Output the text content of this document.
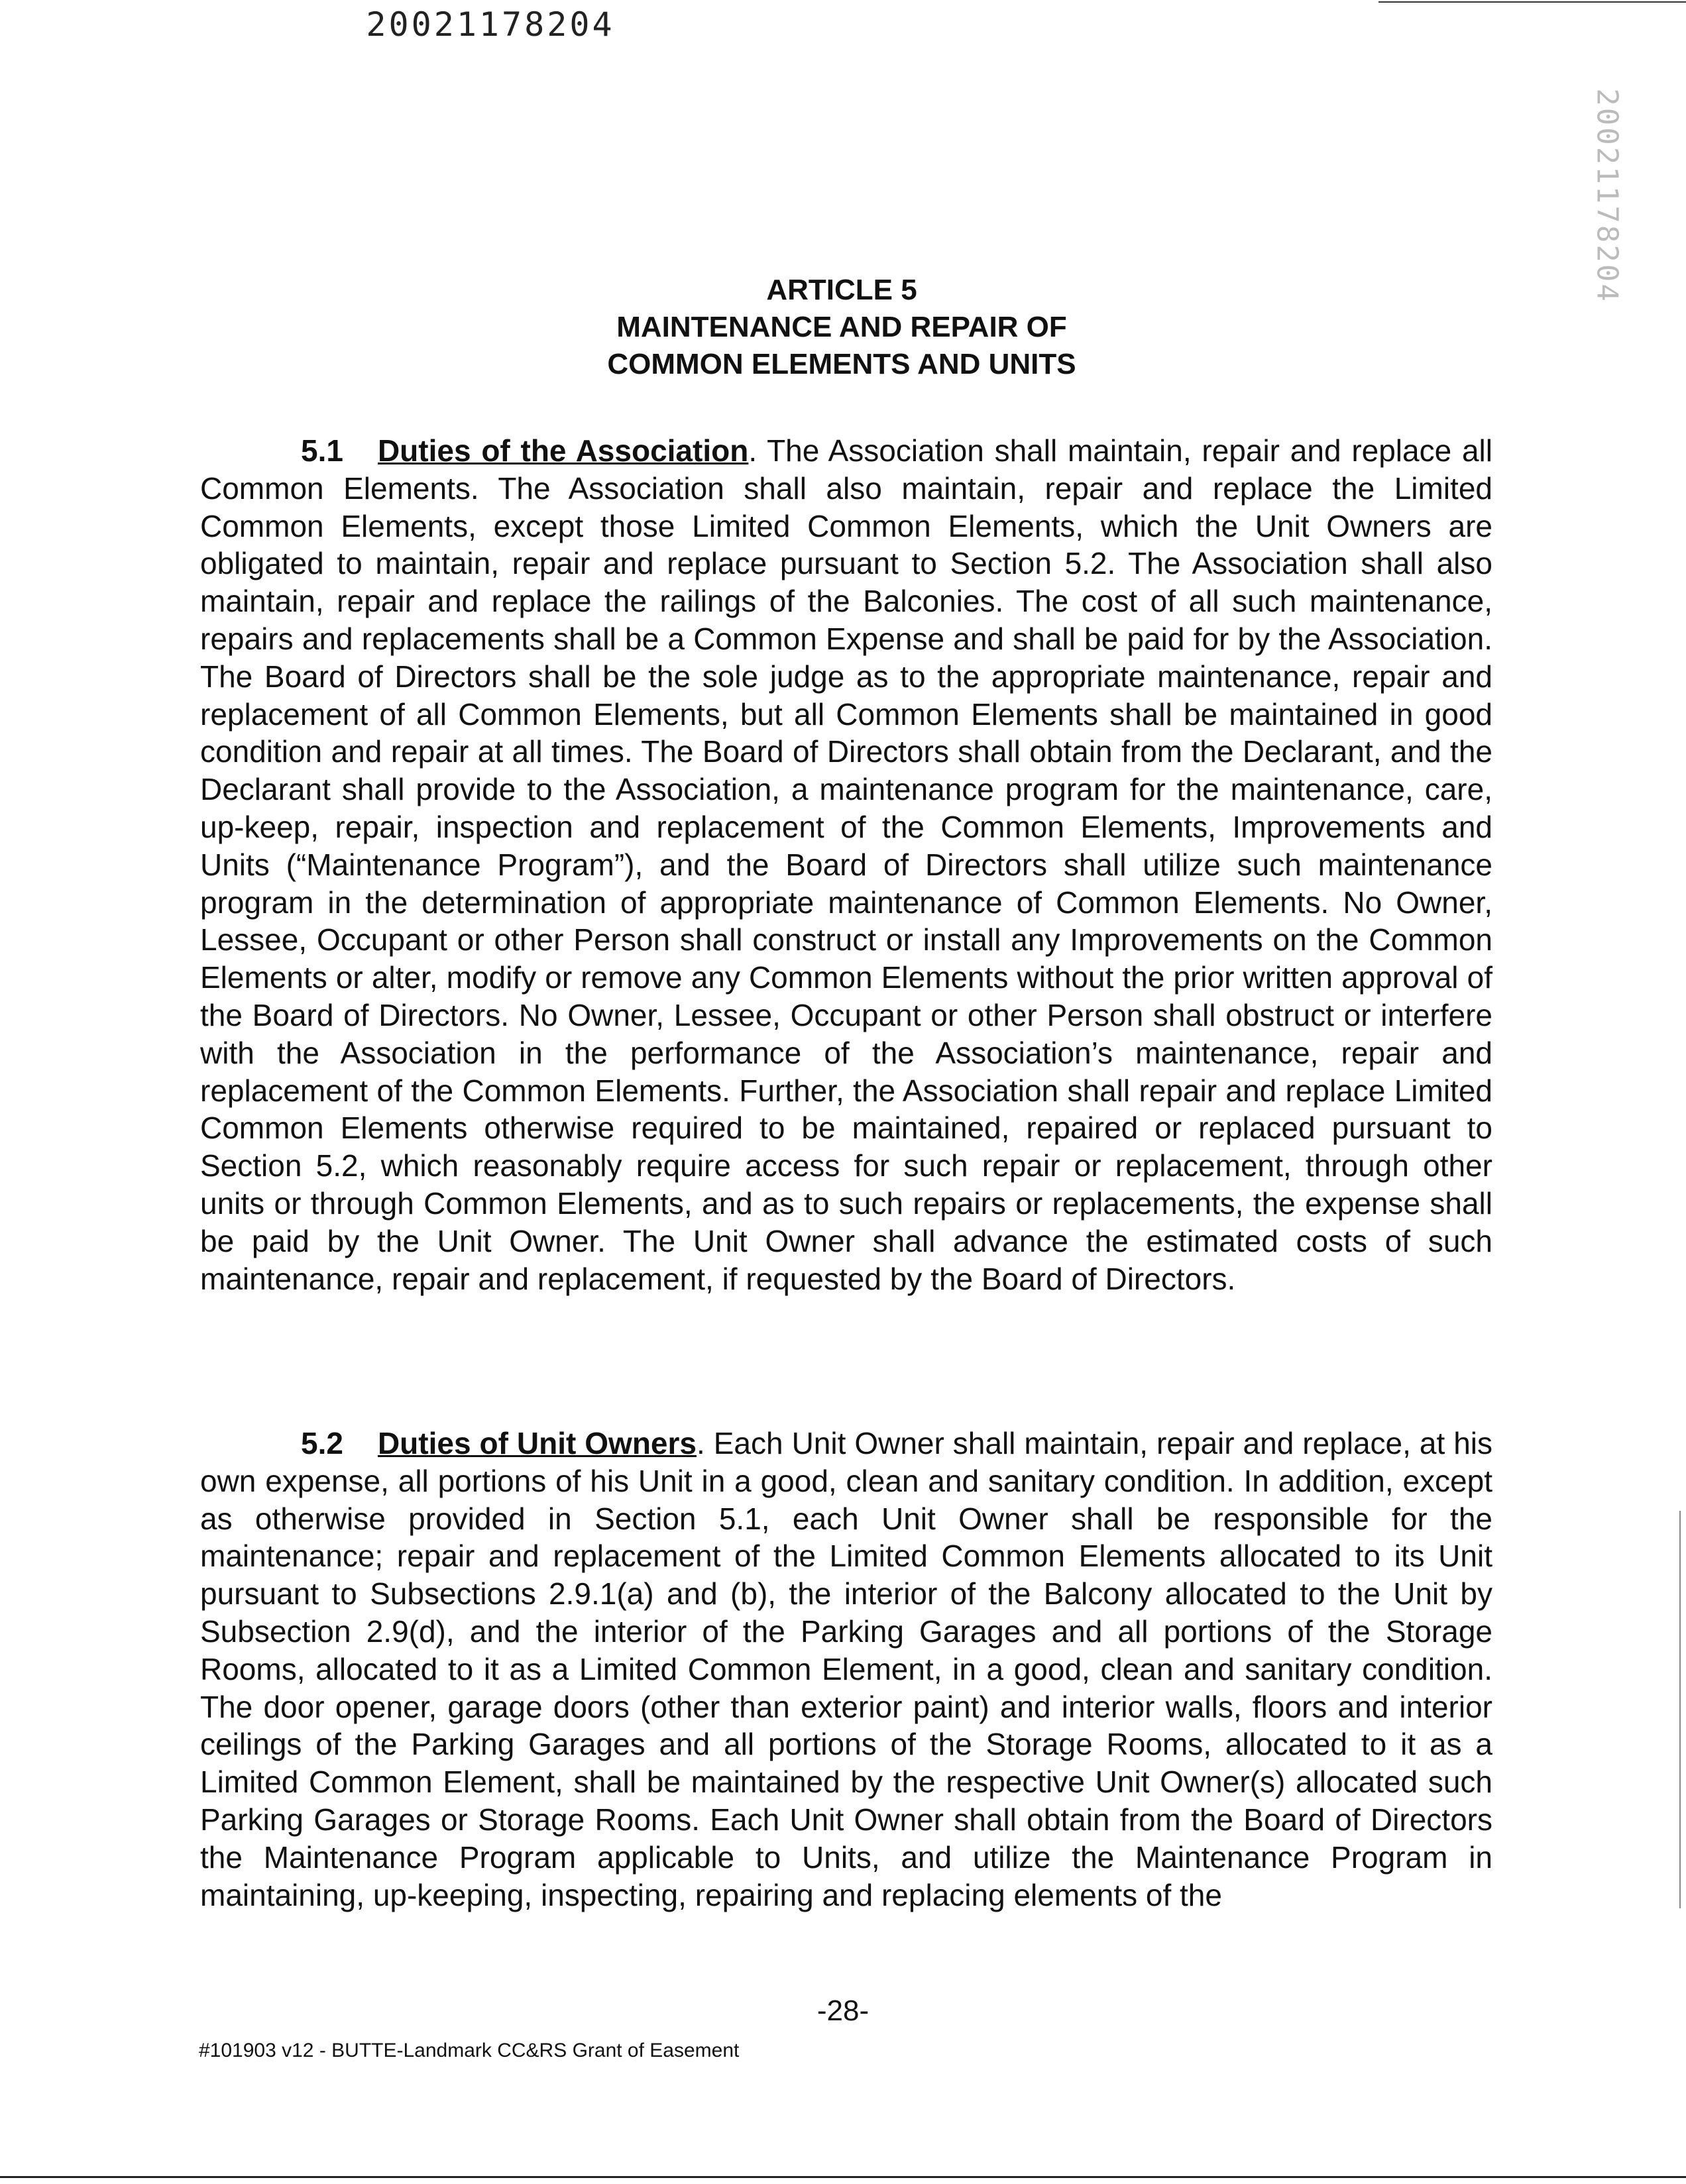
20021178204
20021178204
ARTICLE 5
MAINTENANCE AND REPAIR OF
COMMON ELEMENTS AND UNITS
5.1 Duties of the Association. The Association shall maintain, repair and replace all Common Elements. The Association shall also maintain, repair and replace the Limited Common Elements, except those Limited Common Elements, which the Unit Owners are obligated to maintain, repair and replace pursuant to Section 5.2. The Association shall also maintain, repair and replace the railings of the Balconies. The cost of all such maintenance, repairs and replacements shall be a Common Expense and shall be paid for by the Association. The Board of Directors shall be the sole judge as to the appropriate maintenance, repair and replacement of all Common Elements, but all Common Elements shall be maintained in good condition and repair at all times. The Board of Directors shall obtain from the Declarant, and the Declarant shall provide to the Association, a maintenance program for the maintenance, care, up-keep, repair, inspection and replacement of the Common Elements, Improvements and Units (“Maintenance Program”), and the Board of Directors shall utilize such maintenance program in the determination of appropriate maintenance of Common Elements. No Owner, Lessee, Occupant or other Person shall construct or install any Improvements on the Common Elements or alter, modify or remove any Common Elements without the prior written approval of the Board of Directors. No Owner, Lessee, Occupant or other Person shall obstruct or interfere with the Association in the performance of the Association’s maintenance, repair and replacement of the Common Elements. Further, the Association shall repair and replace Limited Common Elements otherwise required to be maintained, repaired or replaced pursuant to Section 5.2, which reasonably require access for such repair or replacement, through other units or through Common Elements, and as to such repairs or replacements, the expense shall be paid by the Unit Owner. The Unit Owner shall advance the estimated costs of such maintenance, repair and replacement, if requested by the Board of Directors.
5.2 Duties of Unit Owners. Each Unit Owner shall maintain, repair and replace, at his own expense, all portions of his Unit in a good, clean and sanitary condition. In addition, except as otherwise provided in Section 5.1, each Unit Owner shall be responsible for the maintenance; repair and replacement of the Limited Common Elements allocated to its Unit pursuant to Subsections 2.9.1(a) and (b), the interior of the Balcony allocated to the Unit by Subsection 2.9(d), and the interior of the Parking Garages and all portions of the Storage Rooms, allocated to it as a Limited Common Element, in a good, clean and sanitary condition. The door opener, garage doors (other than exterior paint) and interior walls, floors and interior ceilings of the Parking Garages and all portions of the Storage Rooms, allocated to it as a Limited Common Element, shall be maintained by the respective Unit Owner(s) allocated such Parking Garages or Storage Rooms. Each Unit Owner shall obtain from the Board of Directors the Maintenance Program applicable to Units, and utilize the Maintenance Program in maintaining, up-keeping, inspecting, repairing and replacing elements of the
-28-
#101903 v12 - BUTTE-Landmark CC&RS Grant of Easement
